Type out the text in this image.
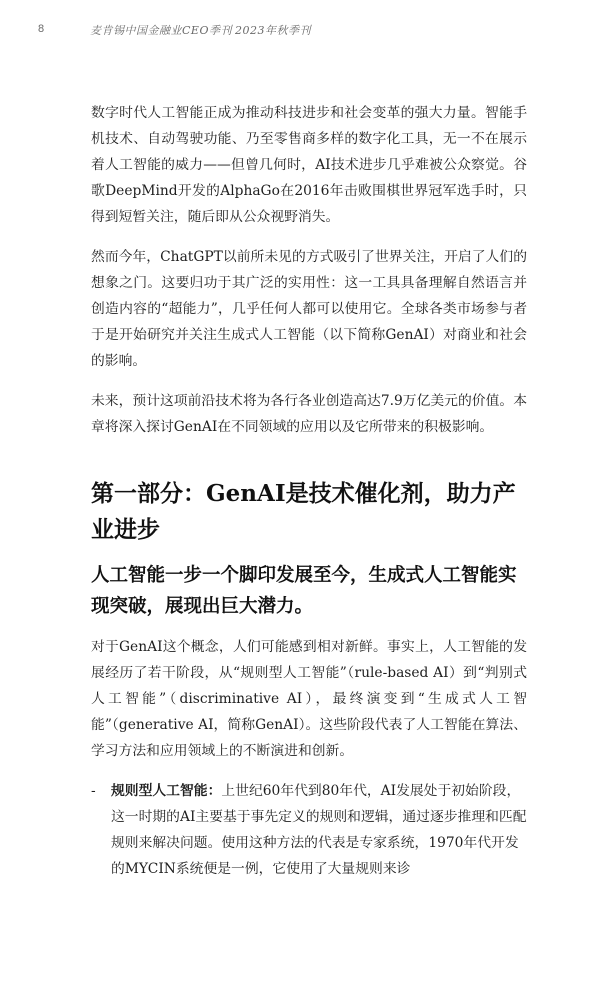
8	麦肯锡中国金融业CEO季刊 2023年秋季刊

数字时代人工智能正成为推动科技进步和社会变革的强大力量。智能手机技术、自动驾驶功能、乃至零售商多样的数字化工具，无一不在展示着人工智能的威力——但曾几何时，AI技术进步几乎难被公众察觉。谷歌DeepMind开发的AlphaGo在2016年击败围棋世界冠军选手时，只得到短暂关注，随后即从公众视野消失。

然而今年，ChatGPT以前所未见的方式吸引了世界关注，开启了人们的想象之门。这要归功于其广泛的实用性：这一工具具备理解自然语言并创造内容的“超能力”，几乎任何人都可以使用它。全球各类市场参与者于是开始研究并关注生成式人工智能（以下简称GenAI）对商业和社会的影响。

未来，预计这项前沿技术将为各行各业创造高达7.9万亿美元的价值。本章将深入探讨GenAI在不同领域的应用以及它所带来的积极影响。

第一部分：GenAI是技术催化剂，助力产业进步
人工智能一步一个脚印发展至今，生成式人工智能实现突破，展现出巨大潜力。

对于GenAI这个概念，人们可能感到相对新鲜。事实上，人工智能的发展经历了若干阶段，从“规则型人工智能”（rule-based AI）到“判别式人工智能”（discriminative AI），最终演变到“生成式人工智能”（generative AI，简称GenAI）。这些阶段代表了人工智能在算法、学习方法和应用领域上的不断演进和创新。

- 规则型人工智能：上世纪60年代到80年代，AI发展处于初始阶段，这一时期的AI主要基于事先定义的规则和逻辑，通过逐步推理和匹配规则来解决问题。使用这种方法的代表是专家系统，1970年代开发的MYCIN系统便是一例，它使用了大量规则来诊
